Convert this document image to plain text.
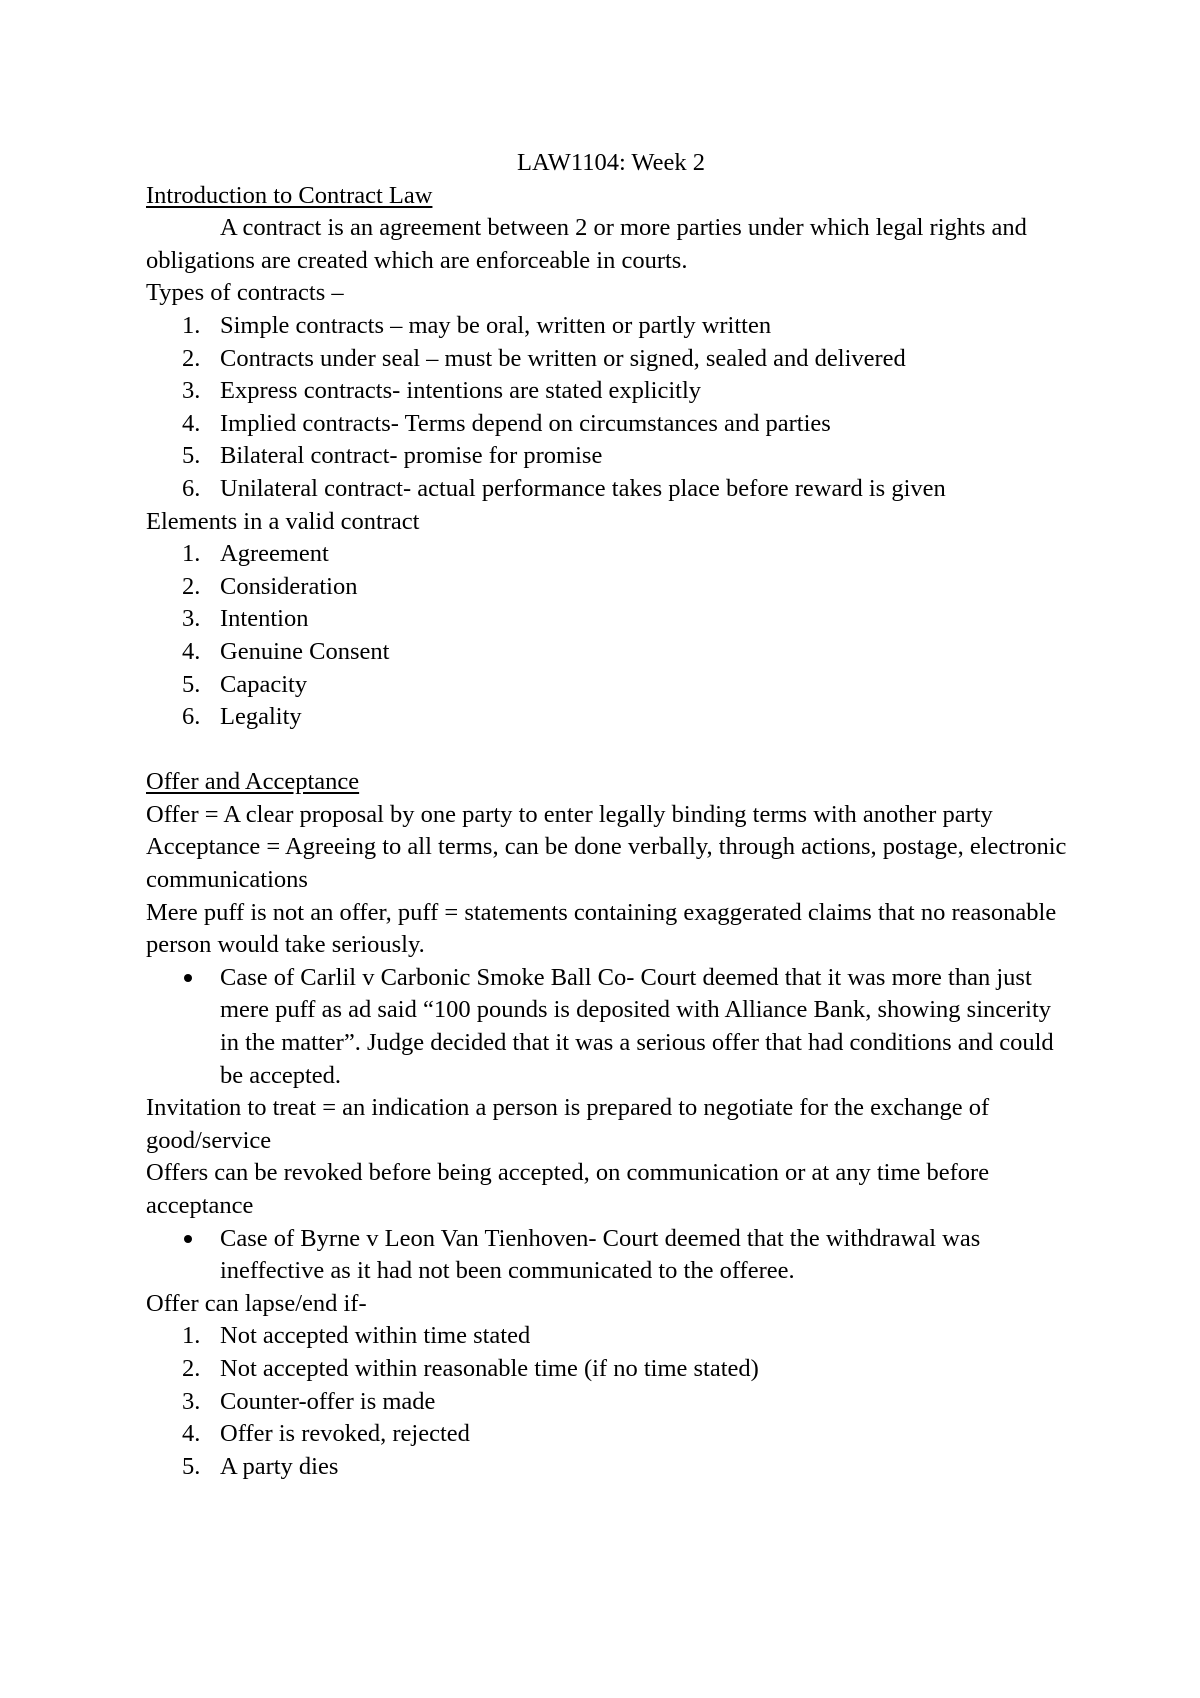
LAW1104: Week 2

Introduction to Contract Law

A contract is an agreement between 2 or more parties under which legal rights and obligations are created which are enforceable in courts.

Types of contracts –

1. Simple contracts – may be oral, written or partly written
2. Contracts under seal – must be written or signed, sealed and delivered
3. Express contracts- intentions are stated explicitly
4. Implied contracts- Terms depend on circumstances and parties
5. Bilateral contract- promise for promise
6. Unilateral contract- actual performance takes place before reward is given

Elements in a valid contract

1. Agreement
2. Consideration
3. Intention
4. Genuine Consent
5. Capacity
6. Legality

Offer and Acceptance

Offer = A clear proposal by one party to enter legally binding terms with another party

Acceptance = Agreeing to all terms, can be done verbally, through actions, postage, electronic communications

Mere puff is not an offer, puff = statements containing exaggerated claims that no reasonable person would take seriously.

Case of Carlil v Carbonic Smoke Ball Co- Court deemed that it was more than just mere puff as ad said “100 pounds is deposited with Alliance Bank, showing sincerity in the matter”. Judge decided that it was a serious offer that had conditions and could be accepted.

Invitation to treat = an indication a person is prepared to negotiate for the exchange of good/service

Offers can be revoked before being accepted, on communication or at any time before acceptance

Case of Byrne v Leon Van Tienhoven- Court deemed that the withdrawal was ineffective as it had not been communicated to the offeree.

Offer can lapse/end if-

1. Not accepted within time stated
2. Not accepted within reasonable time (if no time stated)
3. Counter-offer is made
4. Offer is revoked, rejected
5. A party dies
